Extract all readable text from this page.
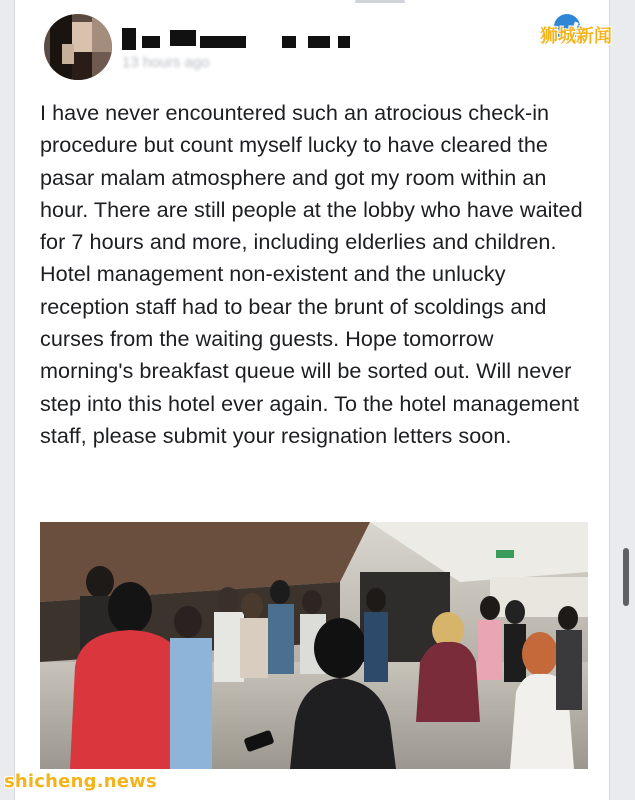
13 hours ago

I have never encountered such an atrocious check-in procedure but count myself lucky to have cleared the pasar malam atmosphere and got my room within an hour. There are still people at the lobby who have waited for 7 hours and more, including elderlies and children. Hotel management non-existent and the unlucky reception staff had to bear the brunt of scoldings and curses from the waiting guests. Hope tomorrow morning's breakfast queue will be sorted out. Will never step into this hotel ever again. To the hotel management staff, please submit your resignation letters soon.

狮城新闻
shicheng.news
